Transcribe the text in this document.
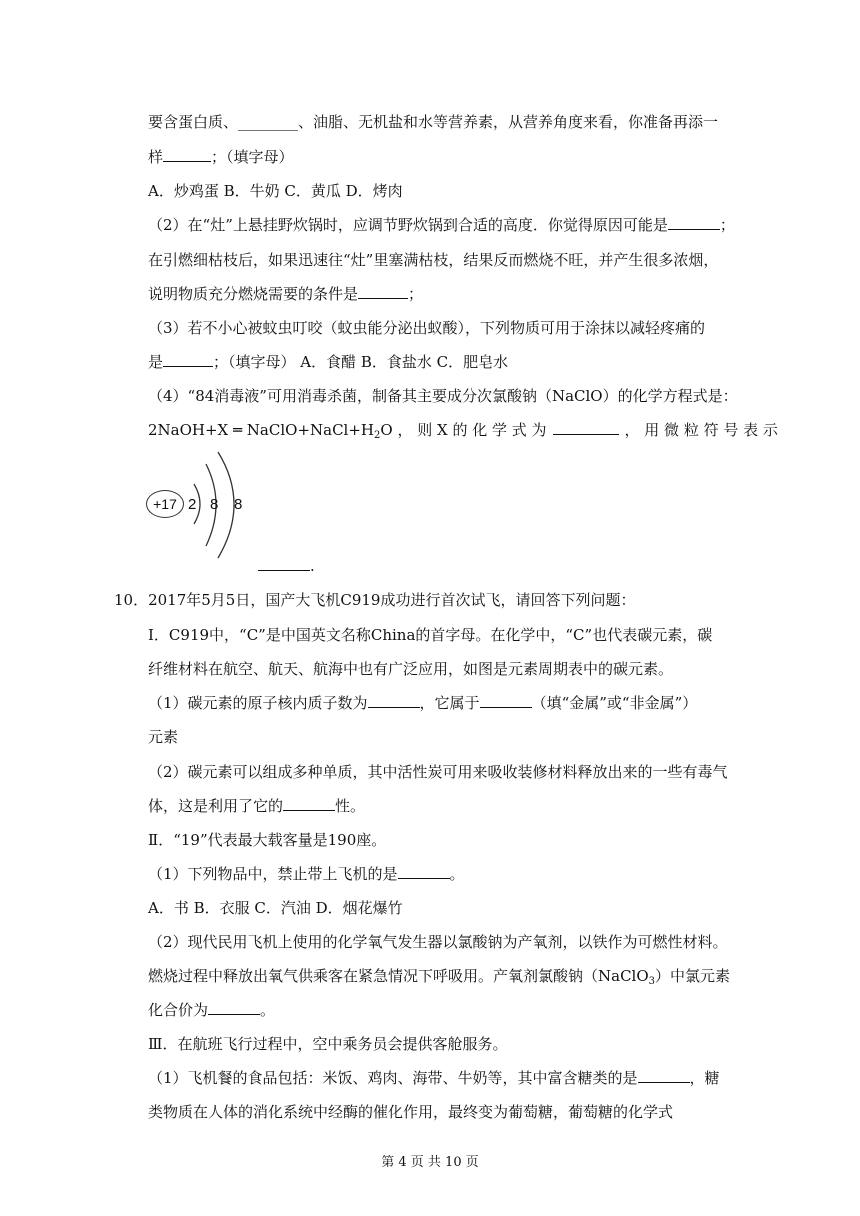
要含蛋白质、________、油脂、无机盐和水等营养素，从营养角度来看，你准备再添一
样	；（填字母）
A．炒鸡蛋 B．牛奶 C．黄瓜 D．烤肉
（2）在“灶”上悬挂野炊锅时，应调节野炊锅到合适的高度．你觉得原因可能是	；
在引燃细枯枝后，如果迅速往“灶”里塞满枯枝，结果反而燃烧不旺，并产生很多浓烟，
说明物质充分燃烧需要的条件是	；
（3）若不小心被蚊虫叮咬（蚊虫能分泌出蚁酸），下列物质可用于涂抹以减轻疼痛的
是	；（填字母） A．食醋 B．食盐水 C．肥皂水
（4）“84消毒液”可用消毒杀菌，制备其主要成分次氯酸钠（NaClO）的化学方程式是：
2NaOH+X ═ $NaClO+NaCl+H_2O$ ， 则 X 的 化 学 式 为	， 用 微 粒 符 号 表 示
+17 2 8 8
.
10．2017年5月5日，国产大飞机C919成功进行首次试飞，请回答下列问题：
Ⅰ．C919中，“C”是中国英文名称China的首字母。在化学中，“C”也代表碳元素，碳
纤维材料在航空、航天、航海中也有广泛应用，如图是元素周期表中的碳元素。
（1）碳元素的原子核内质子数为	，它属于	（填“金属”或“非金属”）
元素
（2）碳元素可以组成多种单质，其中活性炭可用来吸收装修材料释放出来的一些有毒气
体，这是利用了它的	性。
Ⅱ．“19”代表最大载客量是190座。
（1）下列物品中，禁止带上飞机的是	。
A．书 B．衣服 C．汽油 D．烟花爆竹
（2）现代民用飞机上使用的化学氧气发生器以氯酸钠为产氧剂，以铁作为可燃性材料。
燃烧过程中释放出氧气供乘客在紧急情况下呼吸用。产氧剂氯酸钠（NaClO$_3$）中氯元素
化合价为	。
Ⅲ．在航班飞行过程中，空中乘务员会提供客舱服务。
（1）飞机餐的食品包括：米饭、鸡肉、海带、牛奶等，其中富含糖类的是	，糖
类物质在人体的消化系统中经酶的催化作用，最终变为葡萄糖，葡萄糖的化学式
第 4 页 共 10 页
